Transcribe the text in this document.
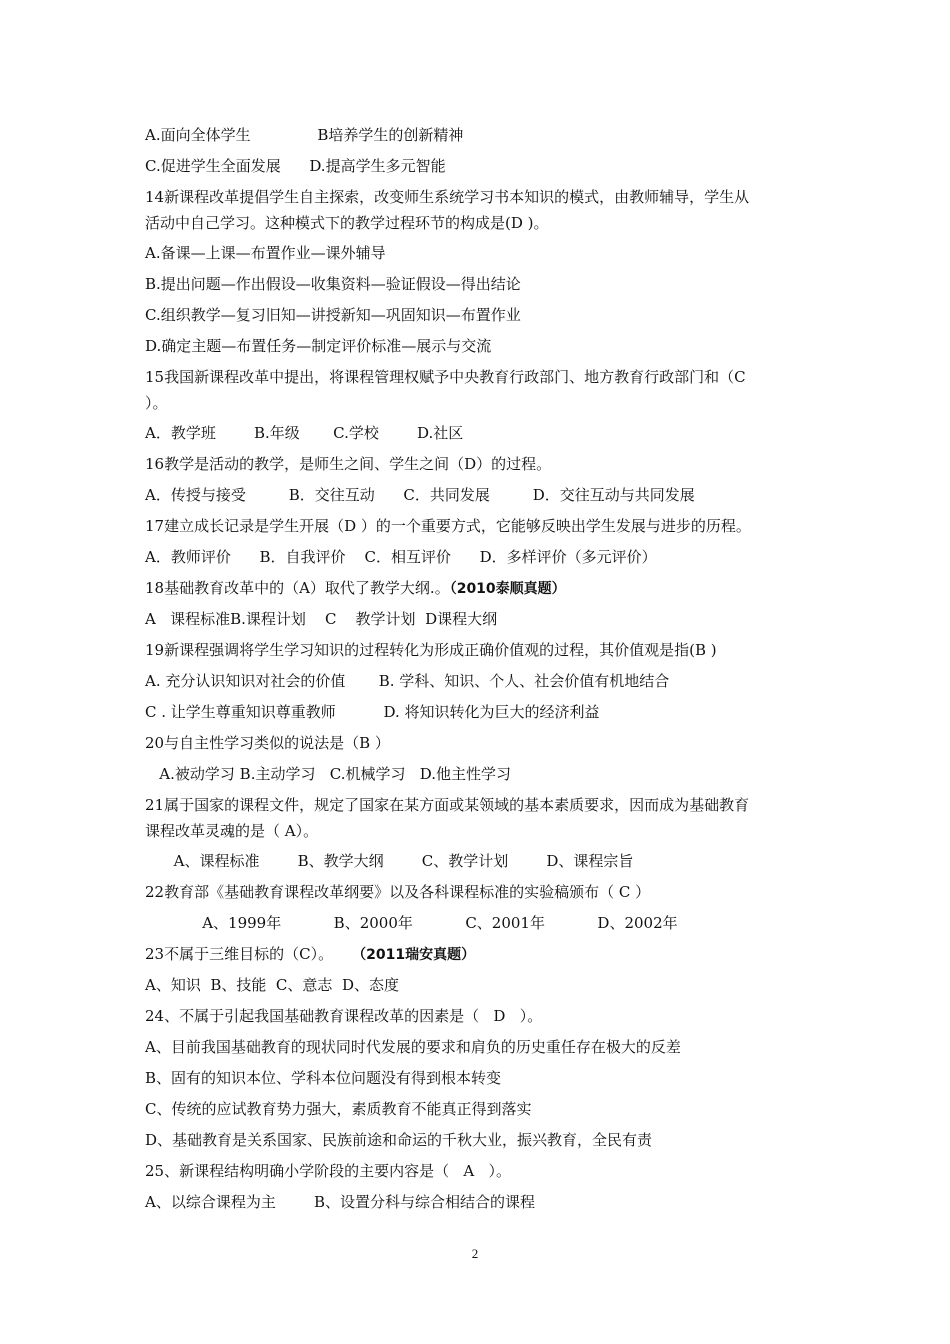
A.面向全体学生              B培养学生的创新精神
C.促进学生全面发展      D.提高学生多元智能
14新课程改革提倡学生自主探索，改变师生系统学习书本知识的模式，由教师辅导，学生从
活动中自己学习。这种模式下的教学过程环节的构成是(D )。
A.备课—上课—布置作业—课外辅导
B.提出问题—作出假设—收集资料—验证假设—得出结论
C.组织教学—复习旧知—讲授新知—巩固知识—布置作业
D.确定主题—布置任务—制定评价标准—展示与交流
15我国新课程改革中提出，将课程管理权赋予中央教育行政部门、地方教育行政部门和（C
）。
A．教学班        B.年级       C.学校        D.社区
16教学是活动的教学，是师生之间、学生之间（D）的过程。
A．传授与接受         B．交往互动      C．共同发展         D．交往互动与共同发展
17建立成长记录是学生开展（D ）的一个重要方式，它能够反映出学生发展与进步的历程。
A．教师评价      B．自我评价    C．相互评价      D．多样评价（多元评价）
18基础教育改革中的（A）取代了教学大纲.。（2010泰顺真题）
A   课程标准B.课程计划    C    教学计划  D课程大纲
19新课程强调将学生学习知识的过程转化为形成正确价值观的过程，其价值观是指(B )
A. 充分认识知识对社会的价值       B. 学科、知识、个人、社会价值有机地结合
C . 让学生尊重知识尊重教师          D. 将知识转化为巨大的经济利益
20与自主性学习类似的说法是（B ）
A.被动学习 B.主动学习   C.机械学习   D.他主性学习
21属于国家的课程文件，规定了国家在某方面或某领域的基本素质要求，因而成为基础教育
课程改革灵魂的是（ A）。
A、课程标准        B、教学大纲        C、教学计划        D、课程宗旨
22教育部《基础教育课程改革纲要》以及各科课程标准的实验稿颁布（ C ）
A、1999年           B、2000年           C、2001年           D、2002年
23不属于三维目标的（C）。 （2011瑞安真题）
A、知识  B、技能  C、意志  D、态度
24、不属于引起我国基础教育课程改革的因素是（   D   ）。
A、目前我国基础教育的现状同时代发展的要求和肩负的历史重任存在极大的反差
B、固有的知识本位、学科本位问题没有得到根本转变
C、传统的应试教育势力强大，素质教育不能真正得到落实
D、基础教育是关系国家、民族前途和命运的千秋大业，振兴教育，全民有责
25、新课程结构明确小学阶段的主要内容是（   A   ）。
A、以综合课程为主        B、设置分科与综合相结合的课程
2
